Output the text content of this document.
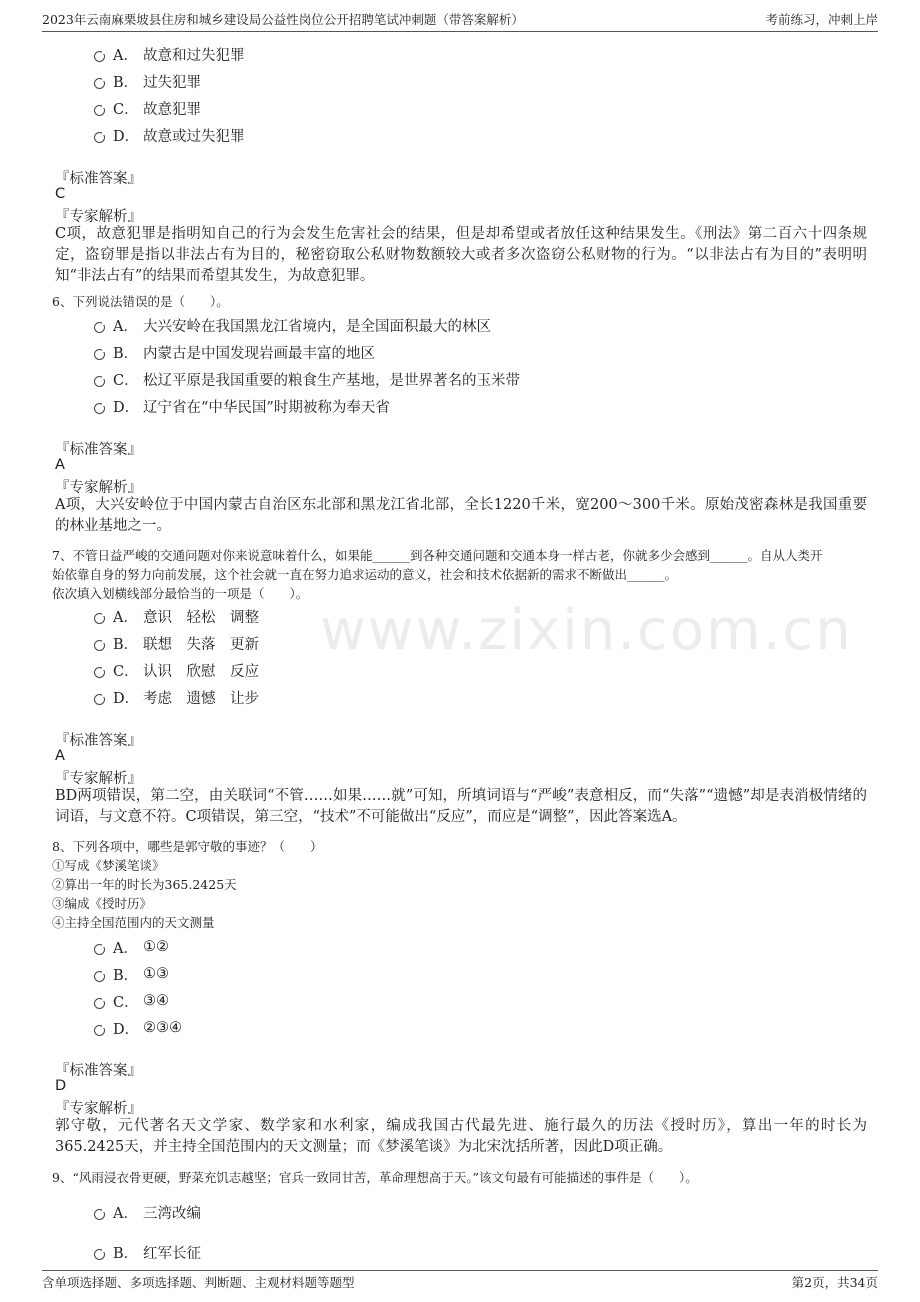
2023年云南麻栗坡县住房和城乡建设局公益性岗位公开招聘笔试冲刺题（带答案解析）	考前练习，冲刺上岸
www.zixin.com.cn
A． 故意和过失犯罪
B． 过失犯罪
C． 故意犯罪
D． 故意或过失犯罪
『标准答案』
C
『专家解析』
C项，故意犯罪是指明知自己的行为会发生危害社会的结果，但是却希望或者放任这种结果发生。《刑法》第二百六十四条规定，盗窃罪是指以非法占有为目的，秘密窃取公私财物数额较大或者多次盗窃公私财物的行为。“以非法占有为目的”表明明知“非法占有”的结果而希望其发生，为故意犯罪。
6、下列说法错误的是（　　）。
A． 大兴安岭在我国黑龙江省境内，是全国面积最大的林区
B． 内蒙古是中国发现岩画最丰富的地区
C． 松辽平原是我国重要的粮食生产基地，是世界著名的玉米带
D． 辽宁省在“中华民国”时期被称为奉天省
『标准答案』
A
『专家解析』
A项，大兴安岭位于中国内蒙古自治区东北部和黑龙江省北部，全长1220千米，宽200～300千米。原始茂密森林是我国重要的林业基地之一。
7、不管日益严峻的交通问题对你来说意味着什么，如果能______到各种交通问题和交通本身一样古老，你就多少会感到______。自从人类开
始依靠自身的努力向前发展，这个社会就一直在努力追求运动的意义，社会和技术依据新的需求不断做出______。
依次填入划横线部分最恰当的一项是（　　）。
A． 意识　轻松　调整
B． 联想　失落　更新
C． 认识　欣慰　反应
D． 考虑　遗憾　让步
『标准答案』
A
『专家解析』
BD两项错误，第二空，由关联词“不管……如果……就”可知，所填词语与“严峻”表意相反，而“失落”“遗憾”却是表消极情绪的词语，与文意不符。C项错误，第三空，“技术”不可能做出“反应”，而应是“调整”，因此答案选A。
8、下列各项中，哪些是郭守敬的事迹？（　　）
①写成《梦溪笔谈》
②算出一年的时长为365.2425天
③编成《授时历》
④主持全国范围内的天文测量
A． ①②
B． ①③
C． ③④
D． ②③④
『标准答案』
D
『专家解析』
郭守敬，元代著名天文学家、数学家和水利家，编成我国古代最先进、施行最久的历法《授时历》，算出一年的时长为365.2425天，并主持全国范围内的天文测量；而《梦溪笔谈》为北宋沈括所著，因此D项正确。
9、“风雨浸衣骨更硬，野菜充饥志越坚；官兵一致同甘苦，革命理想高于天。”该文句最有可能描述的事件是（　　）。
A． 三湾改编
B． 红军长征
含单项选择题、多项选择题、判断题、主观材料题等题型	第2页，共34页
